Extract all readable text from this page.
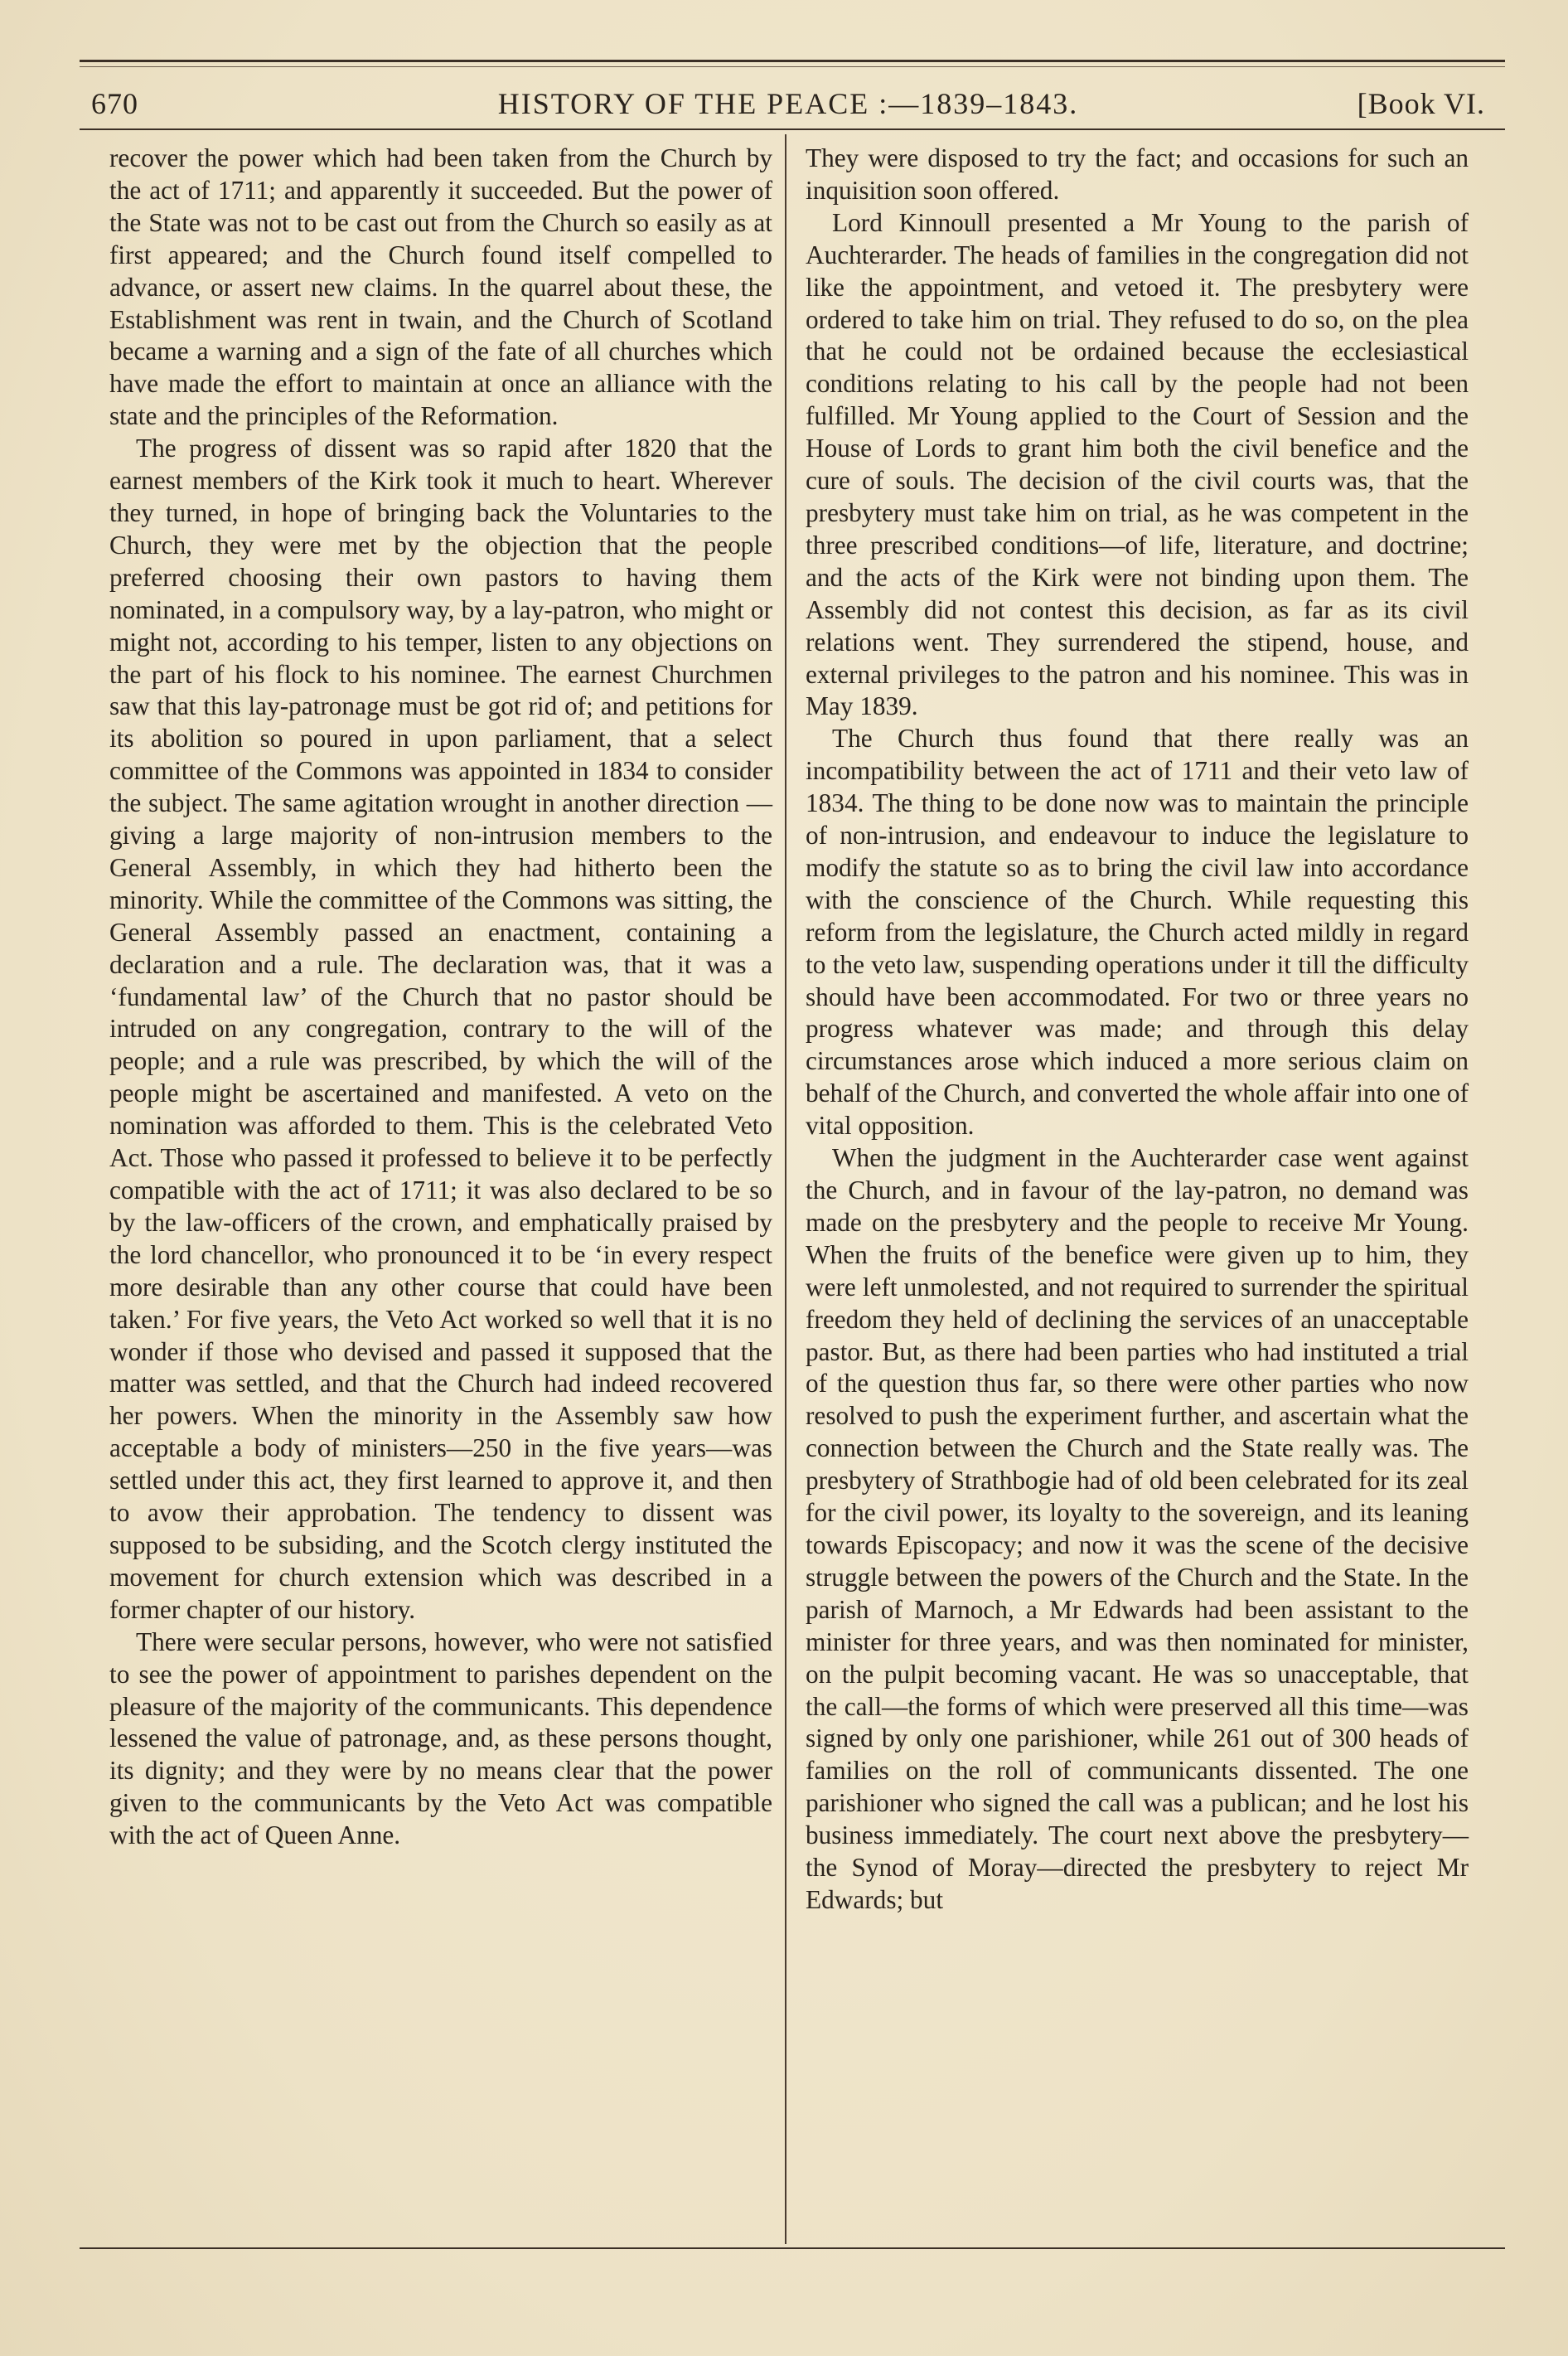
670	HISTORY OF THE PEACE :—1839–1843.	[Book VI.

recover the power which had been taken from the Church by the act of 1711; and apparently it succeeded. But the power of the State was not to be cast out from the Church so easily as at first appeared; and the Church found itself compelled to advance, or assert new claims. In the quarrel about these, the Establishment was rent in twain, and the Church of Scotland became a warning and a sign of the fate of all churches which have made the effort to maintain at once an alliance with the state and the principles of the Reformation.

The progress of dissent was so rapid after 1820 that the earnest members of the Kirk took it much to heart. Wherever they turned, in hope of bringing back the Voluntaries to the Church, they were met by the objection that the people preferred choosing their own pastors to having them nominated, in a compulsory way, by a lay-patron, who might or might not, according to his temper, listen to any objections on the part of his flock to his nominee. The earnest Churchmen saw that this lay-patronage must be got rid of; and petitions for its abolition so poured in upon parliament, that a select committee of the Commons was appointed in 1834 to consider the subject. The same agitation wrought in another direction — giving a large majority of non-intrusion members to the General Assembly, in which they had hitherto been the minority. While the committee of the Commons was sitting, the General Assembly passed an enactment, containing a declaration and a rule. The declaration was, that it was a ‘fundamental law’ of the Church that no pastor should be intruded on any congregation, contrary to the will of the people; and a rule was prescribed, by which the will of the people might be ascertained and manifested. A veto on the nomination was afforded to them. This is the celebrated Veto Act. Those who passed it professed to believe it to be perfectly compatible with the act of 1711; it was also declared to be so by the law-officers of the crown, and emphatically praised by the lord chancellor, who pronounced it to be ‘in every respect more desirable than any other course that could have been taken.’ For five years, the Veto Act worked so well that it is no wonder if those who devised and passed it supposed that the matter was settled, and that the Church had indeed recovered her powers. When the minority in the Assembly saw how acceptable a body of ministers—250 in the five years—was settled under this act, they first learned to approve it, and then to avow their approbation. The tendency to dissent was supposed to be subsiding, and the Scotch clergy instituted the movement for church extension which was described in a former chapter of our history.

There were secular persons, however, who were not satisfied to see the power of appointment to parishes dependent on the pleasure of the majority of the communicants. This dependence lessened the value of patronage, and, as these persons thought, its dignity; and they were by no means clear that the power given to the communicants by the Veto Act was compatible with the act of Queen Anne.

They were disposed to try the fact; and occasions for such an inquisition soon offered.

Lord Kinnoull presented a Mr Young to the parish of Auchterarder. The heads of families in the congregation did not like the appointment, and vetoed it. The presbytery were ordered to take him on trial. They refused to do so, on the plea that he could not be ordained because the ecclesiastical conditions relating to his call by the people had not been fulfilled. Mr Young applied to the Court of Session and the House of Lords to grant him both the civil benefice and the cure of souls. The decision of the civil courts was, that the presbytery must take him on trial, as he was competent in the three prescribed conditions—of life, literature, and doctrine; and the acts of the Kirk were not binding upon them. The Assembly did not contest this decision, as far as its civil relations went. They surrendered the stipend, house, and external privileges to the patron and his nominee. This was in May 1839.

The Church thus found that there really was an incompatibility between the act of 1711 and their veto law of 1834. The thing to be done now was to maintain the principle of non-intrusion, and endeavour to induce the legislature to modify the statute so as to bring the civil law into accordance with the conscience of the Church. While requesting this reform from the legislature, the Church acted mildly in regard to the veto law, suspending operations under it till the difficulty should have been accommodated. For two or three years no progress whatever was made; and through this delay circumstances arose which induced a more serious claim on behalf of the Church, and converted the whole affair into one of vital opposition.

When the judgment in the Auchterarder case went against the Church, and in favour of the lay-patron, no demand was made on the presbytery and the people to receive Mr Young. When the fruits of the benefice were given up to him, they were left unmolested, and not required to surrender the spiritual freedom they held of declining the services of an unacceptable pastor. But, as there had been parties who had instituted a trial of the question thus far, so there were other parties who now resolved to push the experiment further, and ascertain what the connection between the Church and the State really was. The presbytery of Strathbogie had of old been celebrated for its zeal for the civil power, its loyalty to the sovereign, and its leaning towards Episcopacy; and now it was the scene of the decisive struggle between the powers of the Church and the State. In the parish of Marnoch, a Mr Edwards had been assistant to the minister for three years, and was then nominated for minister, on the pulpit becoming vacant. He was so unacceptable, that the call—the forms of which were preserved all this time—was signed by only one parishioner, while 261 out of 300 heads of families on the roll of communicants dissented. The one parishioner who signed the call was a publican; and he lost his business immediately. The court next above the presbytery—the Synod of Moray—directed the presbytery to reject Mr Edwards; but
